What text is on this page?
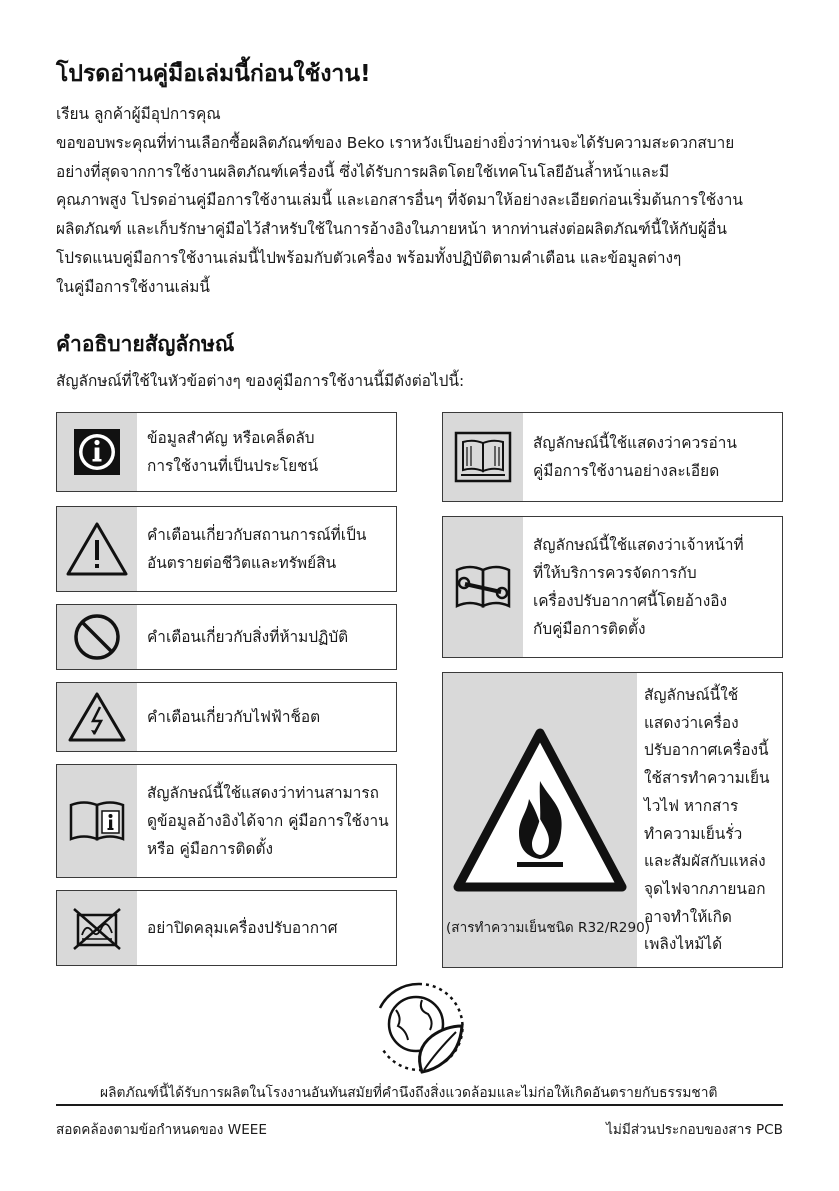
โปรดอ่านคู่มือเล่มนี้ก่อนใช้งาน!
เรียน ลูกค้าผู้มีอุปการคุณ
ขอขอบพระคุณที่ท่านเลือกซื้อผลิตภัณฑ์ของ Beko เราหวังเป็นอย่างยิ่งว่าท่านจะได้รับความสะดวกสบาย
อย่างที่สุดจากการใช้งานผลิตภัณฑ์เครื่องนี้ ซึ่งได้รับการผลิตโดยใช้เทคโนโลยีอันล้ำหน้าและมี
คุณภาพสูง โปรดอ่านคู่มือการใช้งานเล่มนี้ และเอกสารอื่นๆ ที่จัดมาให้อย่างละเอียดก่อนเริ่มต้นการใช้งาน
ผลิตภัณฑ์ และเก็บรักษาคู่มือไว้สำหรับใช้ในการอ้างอิงในภายหน้า หากท่านส่งต่อผลิตภัณฑ์นี้ให้กับผู้อื่น
โปรดแนบคู่มือการใช้งานเล่มนี้ไปพร้อมกับตัวเครื่อง พร้อมทั้งปฏิบัติตามคำเตือน และข้อมูลต่างๆ
ในคู่มือการใช้งานเล่มนี้
คำอธิบายสัญลักษณ์
สัญลักษณ์ที่ใช้ในหัวข้อต่างๆ ของคู่มือการใช้งานนี้มีดังต่อไปนี้:
ข้อมูลสำคัญ หรือเคล็ดลับ
การใช้งานที่เป็นประโยชน์
คำเตือนเกี่ยวกับสถานการณ์ที่เป็น
อันตรายต่อชีวิตและทรัพย์สิน
คำเตือนเกี่ยวกับสิ่งที่ห้ามปฏิบัติ
คำเตือนเกี่ยวกับไฟฟ้าช็อต
สัญลักษณ์นี้ใช้แสดงว่าท่านสามารถ
ดูข้อมูลอ้างอิงได้จาก คู่มือการใช้งาน
หรือ คู่มือการติดตั้ง
อย่าปิดคลุมเครื่องปรับอากาศ
สัญลักษณ์นี้ใช้แสดงว่าควรอ่าน
คู่มือการใช้งานอย่างละเอียด
สัญลักษณ์นี้ใช้แสดงว่าเจ้าหน้าที่
ที่ให้บริการควรจัดการกับ
เครื่องปรับอากาศนี้โดยอ้างอิง
กับคู่มือการติดตั้ง
(สารทำความเย็นชนิด R32/R290)
สัญลักษณ์นี้ใช้
แสดงว่าเครื่อง
ปรับอากาศเครื่องนี้
ใช้สารทำความเย็น
ไวไฟ หากสาร
ทำความเย็นรั่ว
และสัมผัสกับแหล่ง
จุดไฟจากภายนอก
อาจทำให้เกิด
เพลิงไหม้ได้
ผลิตภัณฑ์นี้ได้รับการผลิตในโรงงานอันทันสมัยที่คำนึงถึงสิ่งแวดล้อมและไม่ก่อให้เกิดอันตรายกับธรรมชาติ
สอดคล้องตามข้อกำหนดของ WEEE	ไม่มีส่วนประกอบของสาร PCB
